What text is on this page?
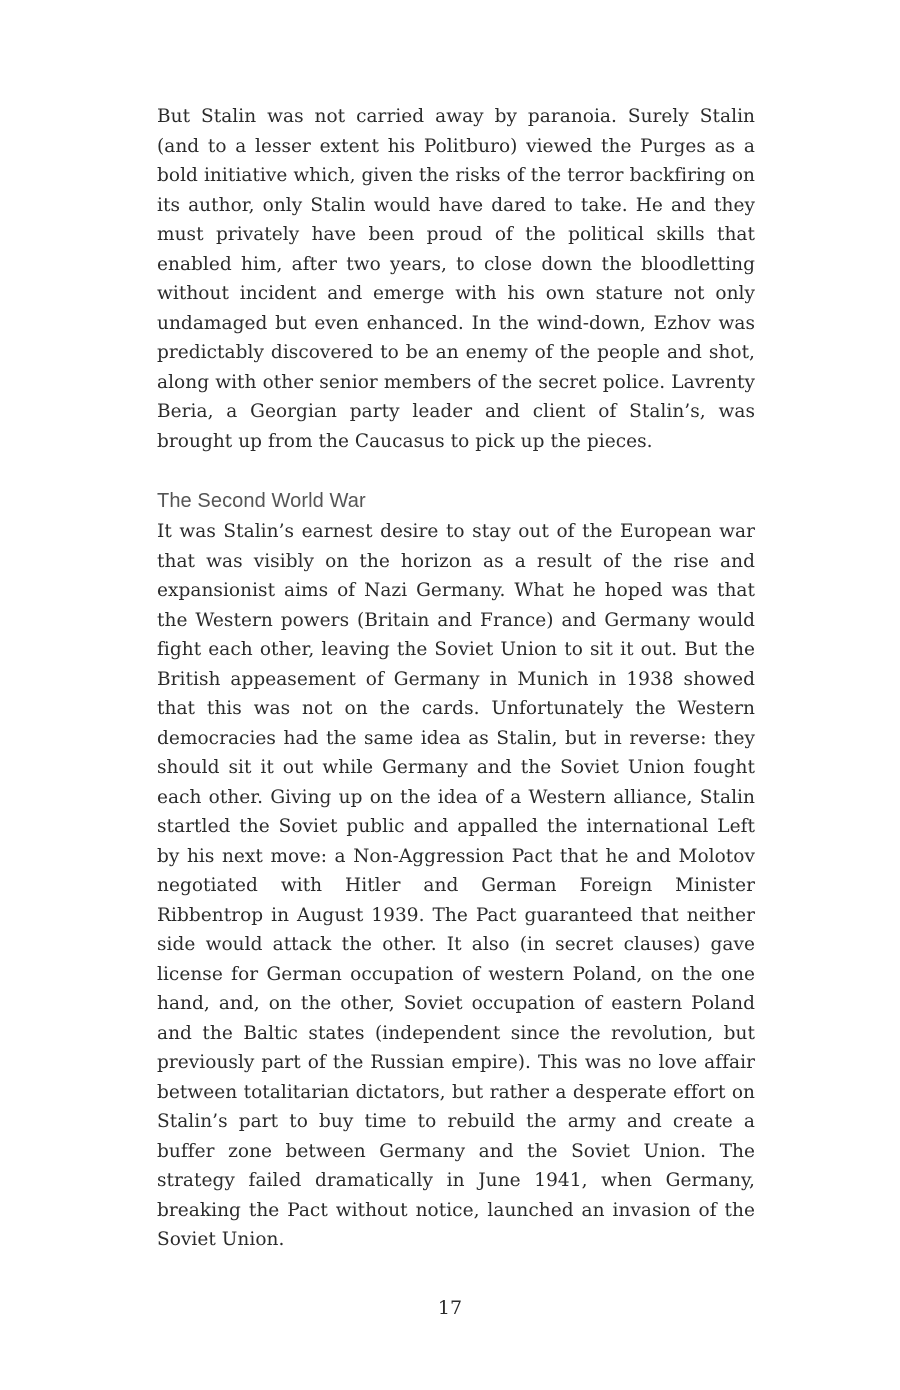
But Stalin was not carried away by paranoia. Surely Stalin (and to a lesser extent his Politburo) viewed the Purges as a bold initiative which, given the risks of the terror backfiring on its author, only Stalin would have dared to take. He and they must privately have been proud of the political skills that enabled him, after two years, to close down the bloodletting without incident and emerge with his own stature not only undamaged but even enhanced. In the wind-down, Ezhov was predictably discovered to be an enemy of the people and shot, along with other senior members of the secret police. Lavrenty Beria, a Georgian party leader and client of Stalin’s, was brought up from the Caucasus to pick up the pieces.

The Second World War

It was Stalin’s earnest desire to stay out of the European war that was visibly on the horizon as a result of the rise and expansionist aims of Nazi Germany. What he hoped was that the Western powers (Britain and France) and Germany would fight each other, leaving the Soviet Union to sit it out. But the British appeasement of Germany in Munich in 1938 showed that this was not on the cards. Unfortunately the Western democracies had the same idea as Stalin, but in reverse: they should sit it out while Germany and the Soviet Union fought each other. Giving up on the idea of a Western alliance, Stalin startled the Soviet public and appalled the international Left by his next move: a Non-Aggression Pact that he and Molotov negotiated with Hitler and German Foreign Minister Ribbentrop in August 1939. The Pact guaranteed that neither side would attack the other. It also (in secret clauses) gave license for German occupation of western Poland, on the one hand, and, on the other, Soviet occupation of eastern Poland and the Baltic states (independent since the revolution, but previously part of the Russian empire). This was no love affair between totalitarian dictators, but rather a desperate effort on Stalin’s part to buy time to rebuild the army and create a buffer zone between Germany and the Soviet Union. The strategy failed dramatically in June 1941, when Germany, breaking the Pact without notice, launched an invasion of the Soviet Union.

17
